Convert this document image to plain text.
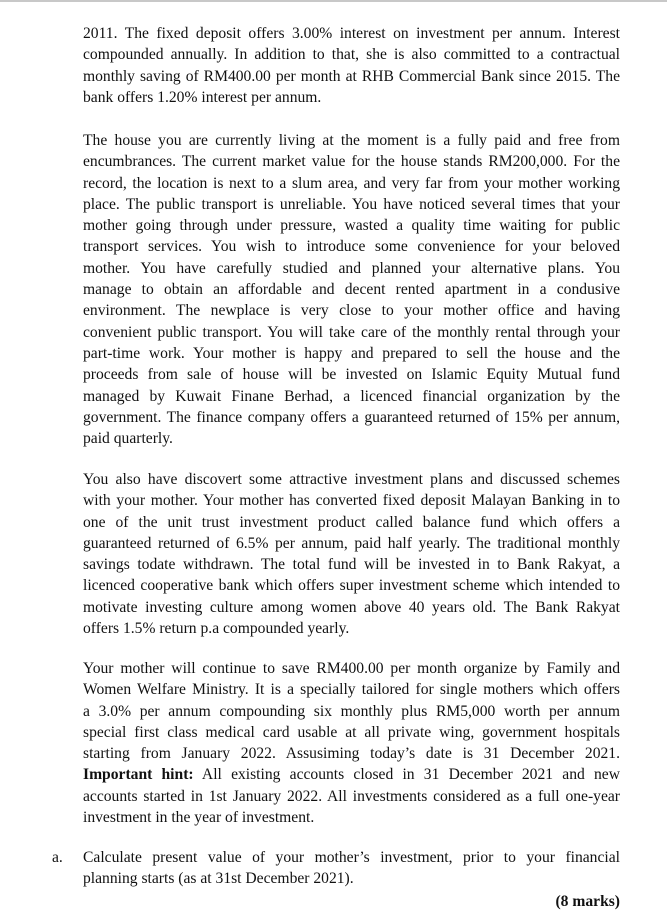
2011. The fixed deposit offers 3.00% interest on investment per annum. Interest
compounded annually. In addition to that, she is also committed to a contractual
monthly saving of RM400.00 per month at RHB Commercial Bank since 2015. The
bank offers 1.20% interest per annum.
The house you are currently living at the moment is a fully paid and free from
encumbrances. The current market value for the house stands RM200,000. For the
record, the location is next to a slum area, and very far from your mother working
place. The public transport is unreliable. You have noticed several times that your
mother going through under pressure, wasted a quality time waiting for public
transport services. You wish to introduce some convenience for your beloved
mother. You have carefully studied and planned your alternative plans. You
manage to obtain an affordable and decent rented apartment in a condusive
environment. The newplace is very close to your mother office and having
convenient public transport. You will take care of the monthly rental through your
part-time work. Your mother is happy and prepared to sell the house and the
proceeds from sale of house will be invested on Islamic Equity Mutual fund
managed by Kuwait Finane Berhad, a licenced financial organization by the
government. The finance company offers a guaranteed returned of 15% per annum,
paid quarterly.
You also have discovert some attractive investment plans and discussed schemes
with your mother. Your mother has converted fixed deposit Malayan Banking in to
one of the unit trust investment product called balance fund which offers a
guaranteed returned of 6.5% per annum, paid half yearly. The traditional monthly
savings todate withdrawn. The total fund will be invested in to Bank Rakyat, a
licenced cooperative bank which offers super investment scheme which intended to
motivate investing culture among women above 40 years old. The Bank Rakyat
offers 1.5% return p.a compounded yearly.
Your mother will continue to save RM400.00 per month organize by Family and
Women Welfare Ministry. It is a specially tailored for single mothers which offers
a 3.0% per annum compounding six monthly plus RM5,000 worth per annum
special first class medical card usable at all private wing, government hospitals
starting from January 2022. Assusiming today’s date is 31 December 2021.
Important hint: All existing accounts closed in 31 December 2021 and new
accounts started in 1st January 2022. All investments considered as a full one-year
investment in the year of investment.
a. Calculate present value of your mother’s investment, prior to your financial
planning starts (as at 31st December 2021).
(8 marks)
